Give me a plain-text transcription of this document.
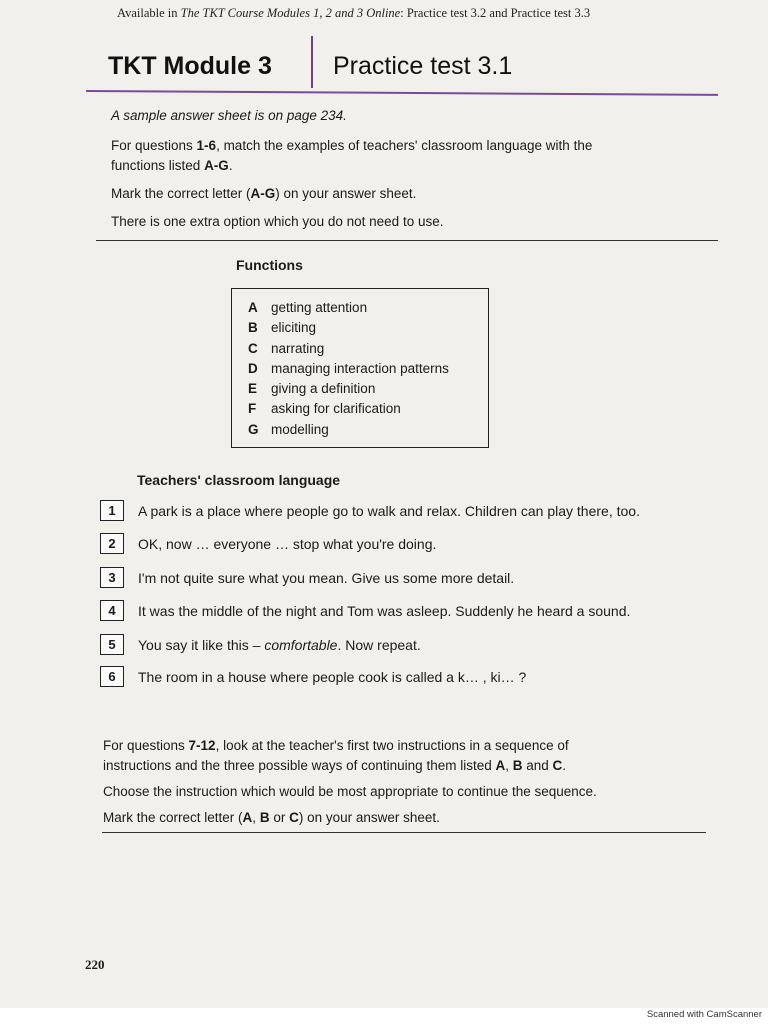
Available in The TKT Course Modules 1, 2 and 3 Online: Practice test 3.2 and Practice test 3.3
TKT Module 3 Practice test 3.1
A sample answer sheet is on page 234.
For questions 1-6, match the examples of teachers' classroom language with the
functions listed A-G.
Mark the correct letter (A-G) on your answer sheet.
There is one extra option which you do not need to use.
Functions
A getting attention
B eliciting
C narrating
D managing interaction patterns
E giving a definition
F asking for clarification
G modelling
Teachers' classroom language
1 A park is a place where people go to walk and relax. Children can play there, too.
2 OK, now … everyone … stop what you're doing.
3 I'm not quite sure what you mean. Give us some more detail.
4 It was the middle of the night and Tom was asleep. Suddenly he heard a sound.
5 You say it like this – comfortable. Now repeat.
6 The room in a house where people cook is called a k… , ki… ?
For questions 7-12, look at the teacher's first two instructions in a sequence of
instructions and the three possible ways of continuing them listed A, B and C.
Choose the instruction which would be most appropriate to continue the sequence.
Mark the correct letter (A, B or C) on your answer sheet.
220
Scanned with CamScanner
